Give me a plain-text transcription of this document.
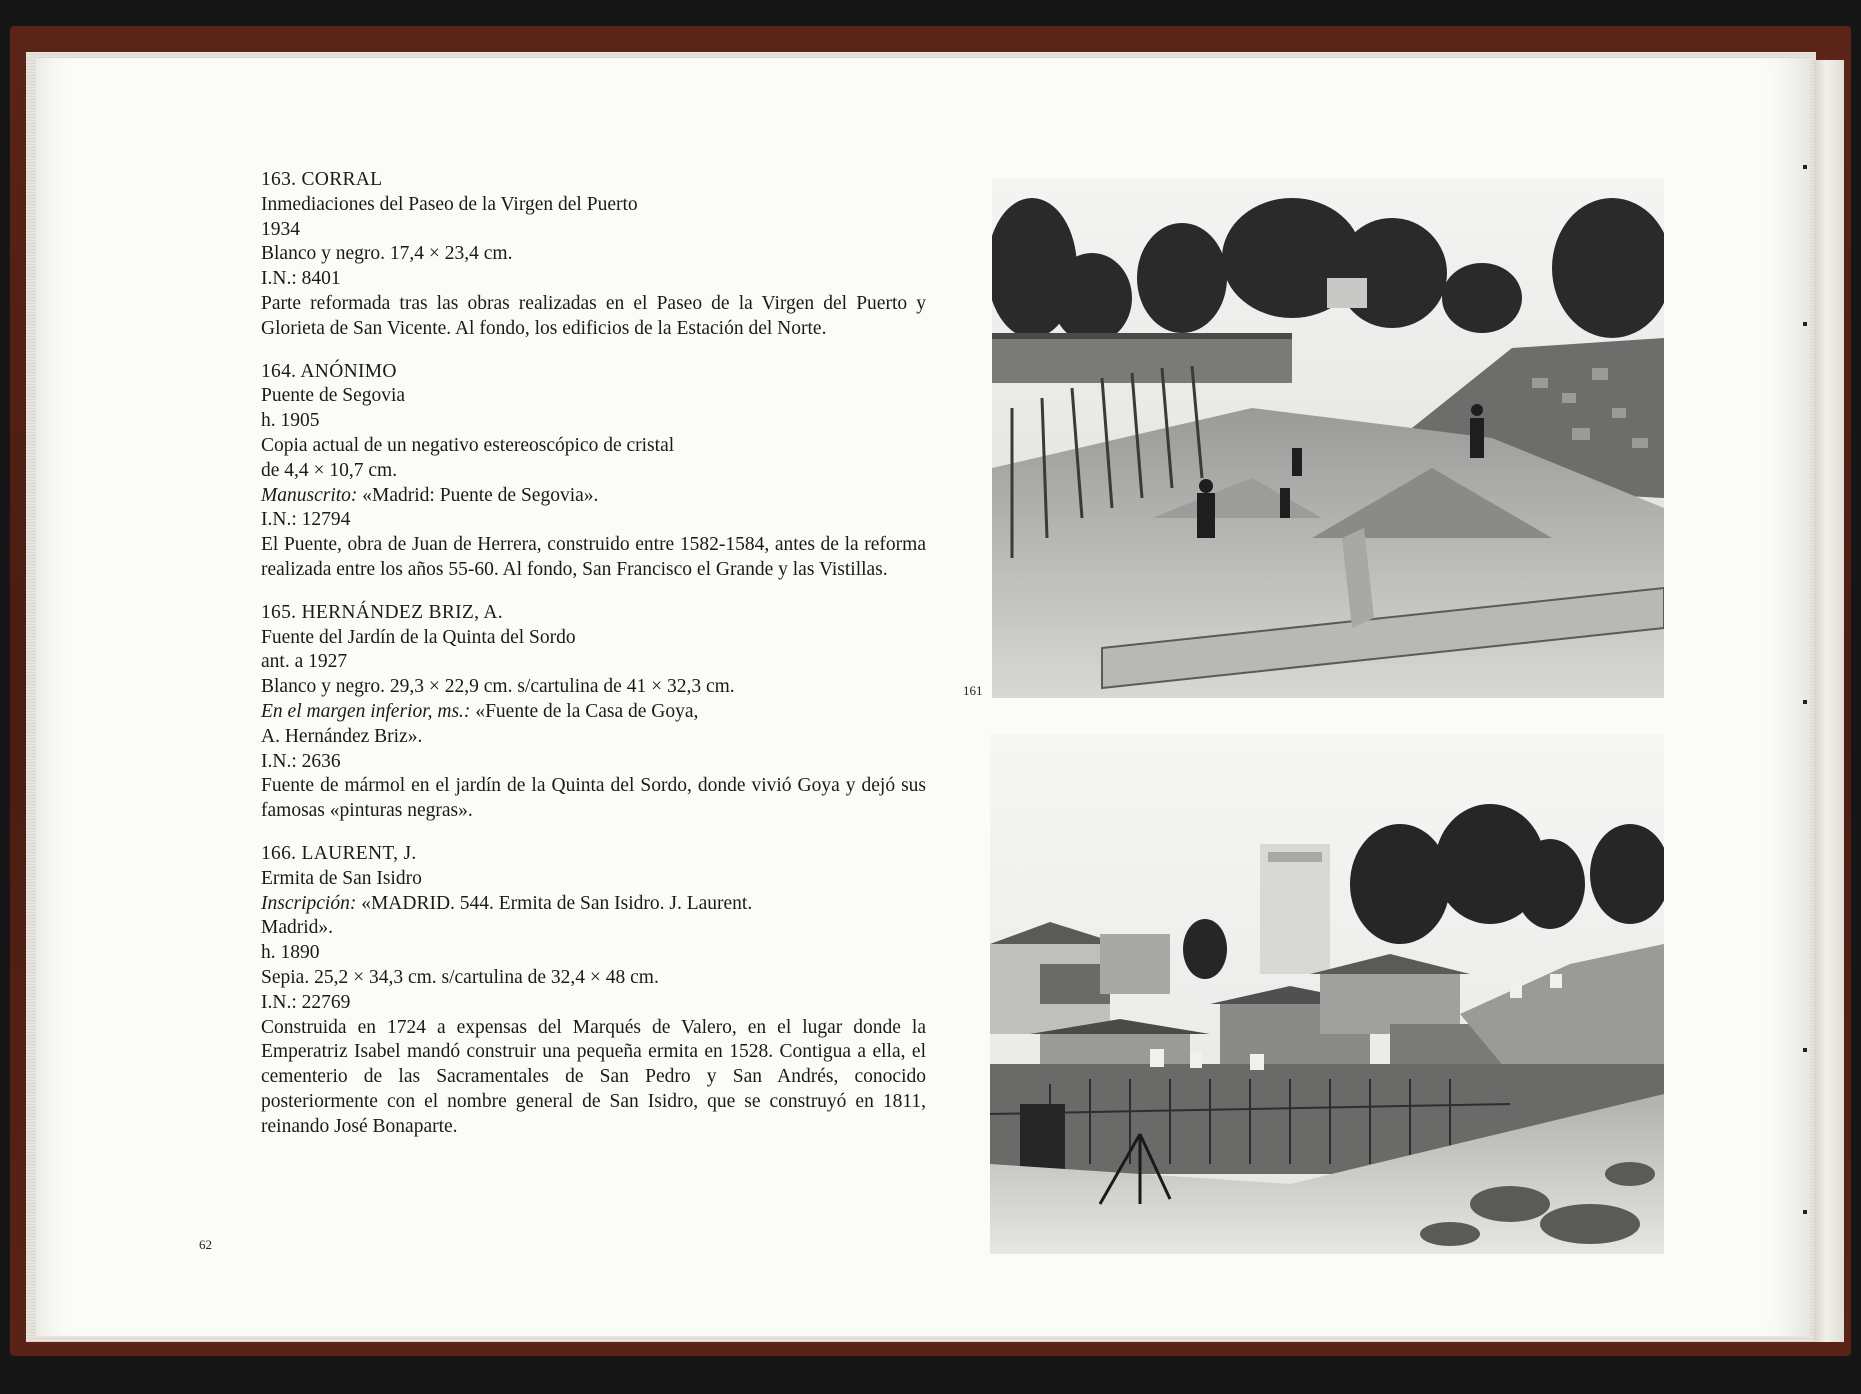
163. CORRAL
Inmediaciones del Paseo de la Virgen del Puerto
1934
Blanco y negro. 17,4 × 23,4 cm.
I.N.: 8401
Parte reformada tras las obras realizadas en el Paseo de la Virgen del Puerto y Glorieta de San Vicente. Al fondo, los edificios de la Estación del Norte.
164. ANÓNIMO
Puente de Segovia
h. 1905
Copia actual de un negativo estereoscópico de cristal
de 4,4 × 10,7 cm.
Manuscrito: «Madrid: Puente de Segovia».
I.N.: 12794
El Puente, obra de Juan de Herrera, construido entre 1582-1584, antes de la reforma realizada entre los años 55-60. Al fondo, San Francisco el Grande y las Vistillas.
165. HERNÁNDEZ BRIZ, A.
Fuente del Jardín de la Quinta del Sordo
ant. a 1927
Blanco y negro. 29,3 × 22,9 cm. s/cartulina de 41 × 32,3 cm.
En el margen inferior, ms.: «Fuente de la Casa de Goya,
A. Hernández Briz».
I.N.: 2636
Fuente de mármol en el jardín de la Quinta del Sordo, donde vivió Goya y dejó sus famosas «pinturas negras».
166. LAURENT, J.
Ermita de San Isidro
Inscripción: «MADRID. 544. Ermita de San Isidro. J. Laurent.
Madrid».
h. 1890
Sepia. 25,2 × 34,3 cm. s/cartulina de 32,4 × 48 cm.
I.N.: 22769
Construida en 1724 a expensas del Marqués de Valero, en el lugar donde la Emperatriz Isabel mandó construir una pequeña ermita en 1528. Contigua a ella, el cementerio de las Sacramentales de San Pedro y San Andrés, conocido posteriormente con el nombre general de San Isidro, que se construyó en 1811, reinando José Bonaparte.
62
161
